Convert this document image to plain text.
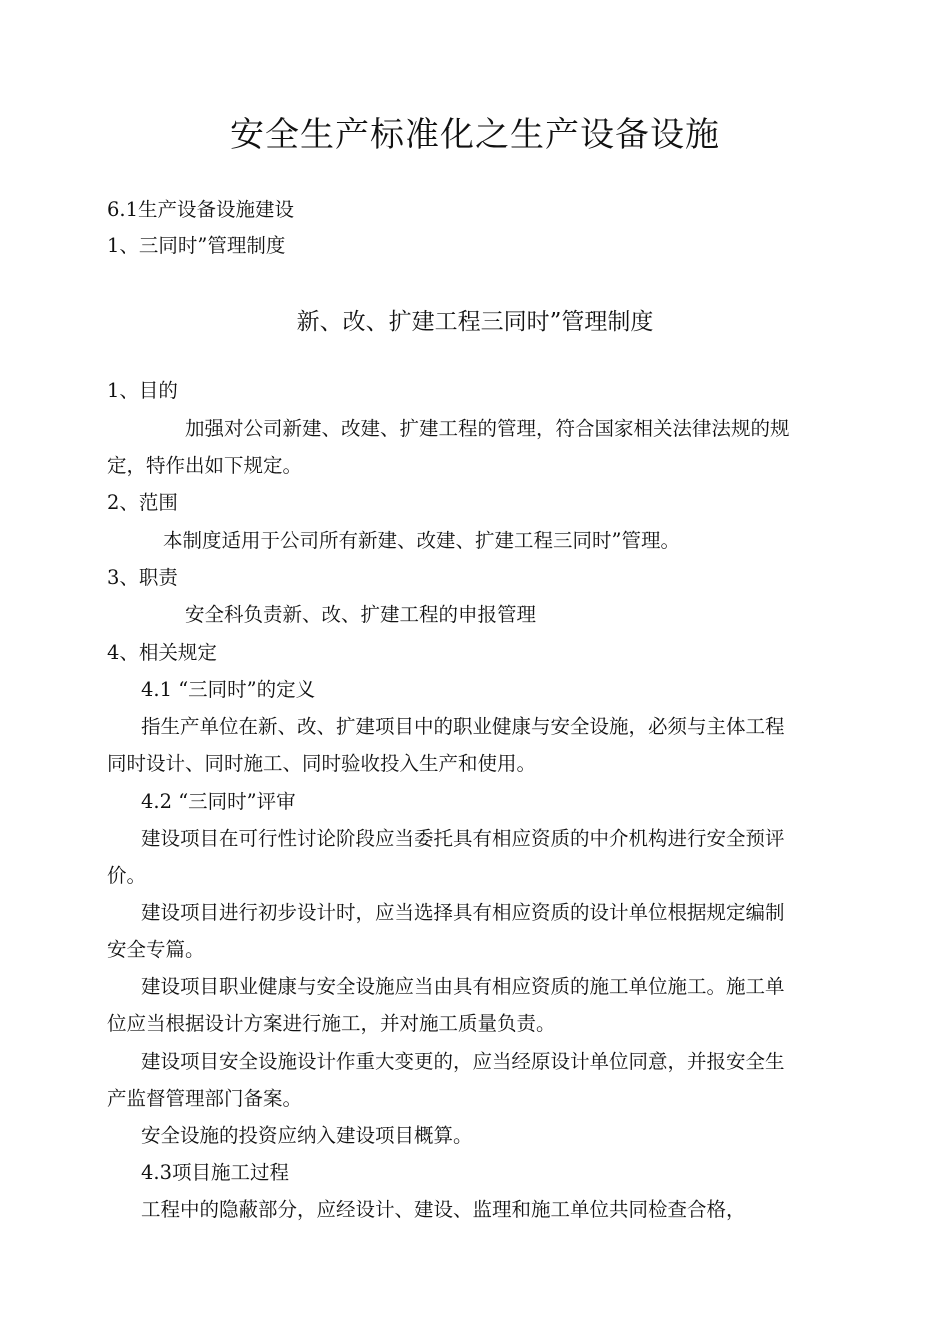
安全生产标准化之生产设备设施

6.1生产设备设施建设

1、三同时”管理制度

新、改、扩建工程三同时”管理制度

1、目的

加强对公司新建、改建、扩建工程的管理，符合国家相关法律法规的规

定，特作出如下规定。

2、范围

本制度适用于公司所有新建、改建、扩建工程三同时”管理。

3、职责

安全科负责新、改、扩建工程的申报管理

4、相关规定

4.1 “三同时”的定义

指生产单位在新、改、扩建项目中的职业健康与安全设施，必须与主体工程

同时设计、同时施工、同时验收投入生产和使用。

4.2 “三同时”评审

建设项目在可行性讨论阶段应当委托具有相应资质的中介机构进行安全预评

价。

建设项目进行初步设计时，应当选择具有相应资质的设计单位根据规定编制

安全专篇。

建设项目职业健康与安全设施应当由具有相应资质的施工单位施工。施工单

位应当根据设计方案进行施工，并对施工质量负责。

建设项目安全设施设计作重大变更的，应当经原设计单位同意，并报安全生

产监督管理部门备案。

安全设施的投资应纳入建设项目概算。

4.3项目施工过程

工程中的隐蔽部分，应经设计、建设、监理和施工单位共同检查合格，
